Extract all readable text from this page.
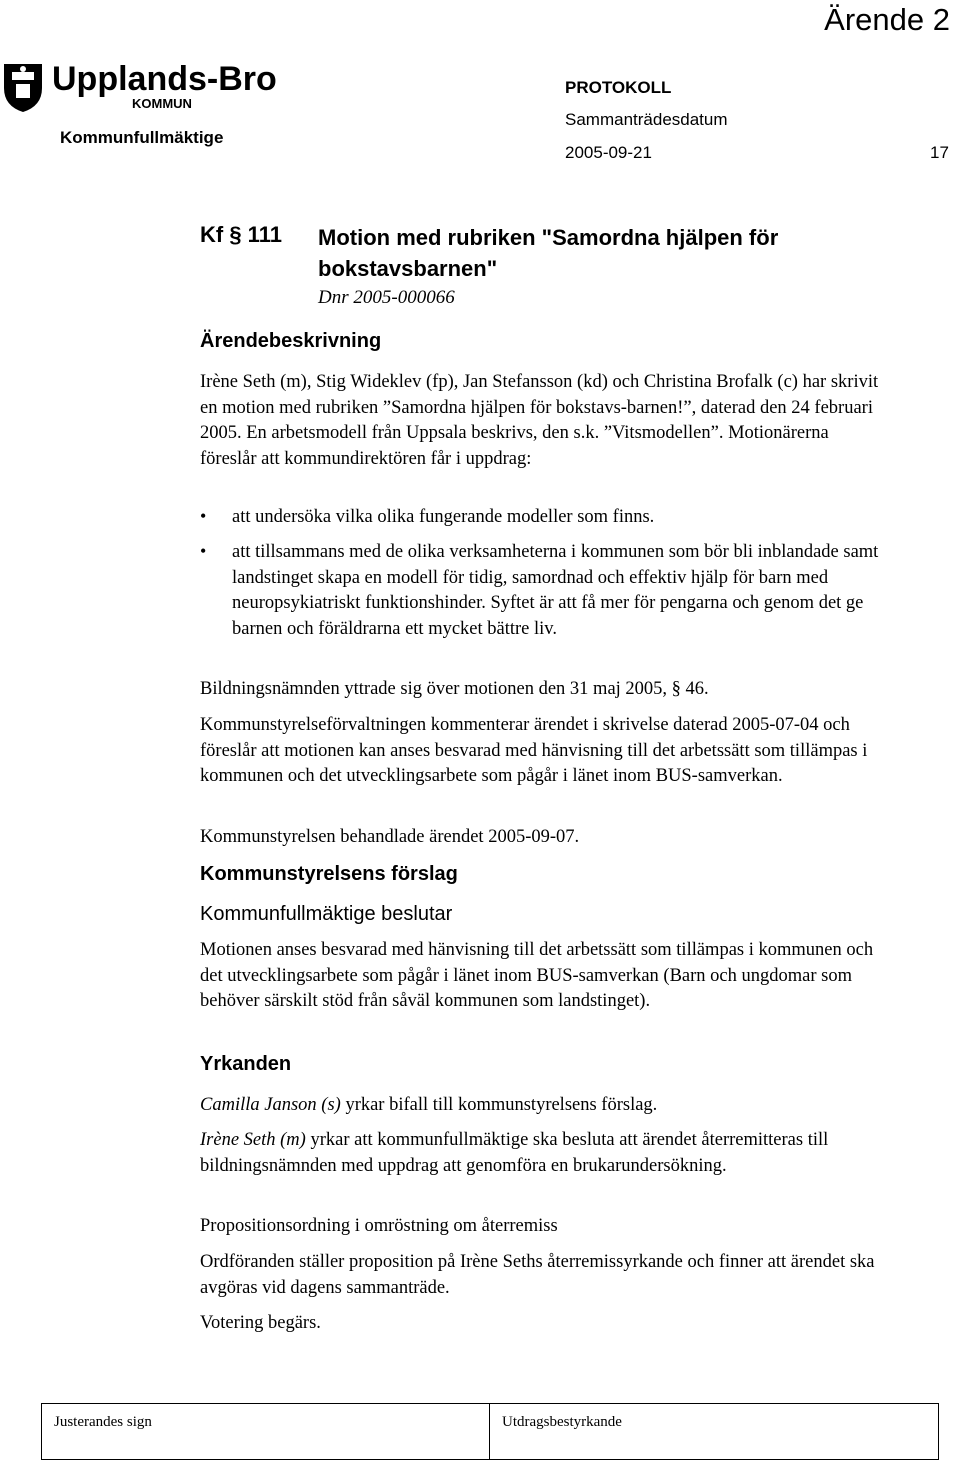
Ärende 2
Upplands-Bro
KOMMUN
PROTOKOLL
Sammanträdesdatum
Kommunfullmäktige
2005-09-21	17
Kf § 111 Motion med rubriken "Samordna hjälpen för bokstavsbarnen"
Dnr 2005-000066
Ärendebeskrivning
Irène Seth (m), Stig Wideklev (fp), Jan Stefansson (kd) och Christina Brofalk (c) har skrivit en motion med rubriken ”Samordna hjälpen för bokstavs-barnen!”, daterad den 24 februari 2005. En arbetsmodell från Uppsala beskrivs, den s.k. ”Vitsmodellen”. Motionärerna föreslår att kommundirektören får i uppdrag:
• att undersöka vilka olika fungerande modeller som finns.
• att tillsammans med de olika verksamheterna i kommunen som bör bli inblandade samt landstinget skapa en modell för tidig, samordnad och effektiv hjälp för barn med neuropsykiatriskt funktionshinder. Syftet är att få mer för pengarna och genom det ge barnen och föräldrarna ett mycket bättre liv.
Bildningsnämnden yttrade sig över motionen den 31 maj 2005, § 46.
Kommunstyrelseförvaltningen kommenterar ärendet i skrivelse daterad 2005-07-04 och föreslår att motionen kan anses besvarad med hänvisning till det arbetssätt som tillämpas i kommunen och det utvecklingsarbete som pågår i länet inom BUS-samverkan.
Kommunstyrelsen behandlade ärendet 2005-09-07.
Kommunstyrelsens förslag
Kommunfullmäktige beslutar
Motionen anses besvarad med hänvisning till det arbetssätt som tillämpas i kommunen och det utvecklingsarbete som pågår i länet inom BUS-samverkan (Barn och ungdomar som behöver särskilt stöd från såväl kommunen som landstinget).
Yrkanden
Camilla Janson (s) yrkar bifall till kommunstyrelsens förslag.
Irène Seth (m) yrkar att kommunfullmäktige ska besluta att ärendet återremitteras till bildningsnämnden med uppdrag att genomföra en brukarundersökning.
Propositionsordning i omröstning om återremiss
Ordföranden ställer proposition på Irène Seths återremissyrkande och finner att ärendet ska avgöras vid dagens sammanträde.
Votering begärs.
Justerandes sign	Utdragsbestyrkande
